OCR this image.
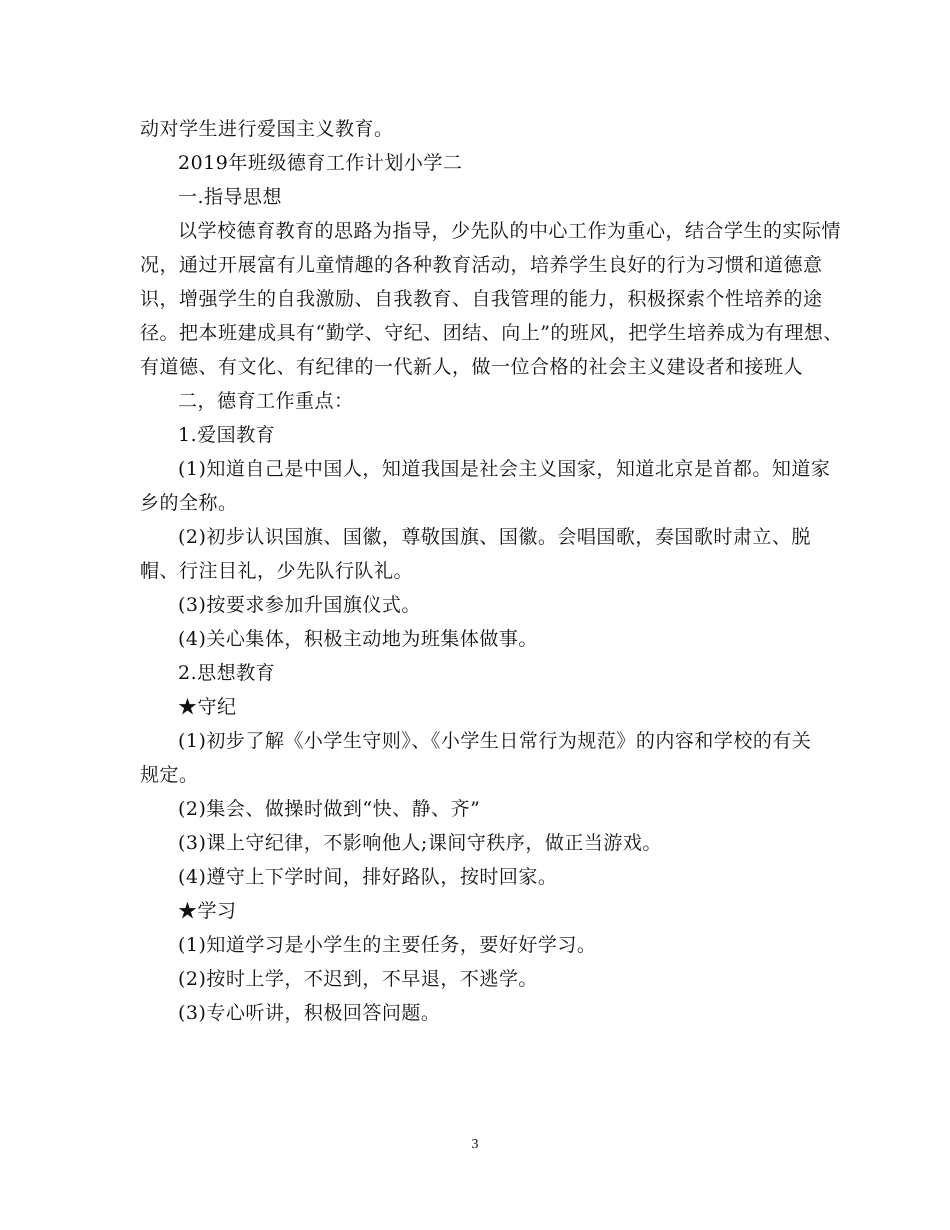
动对学生进行爱国主义教育。

2019年班级德育工作计划小学二

一.指导思想

以学校德育教育的思路为指导，少先队的中心工作为重心，结合学生的实际情

况，通过开展富有儿童情趣的各种教育活动，培养学生良好的行为习惯和道德意

识，增强学生的自我激励、自我教育、自我管理的能力，积极探索个性培养的途

径。把本班建成具有“勤学、守纪、团结、向上”的班风，把学生培养成为有理想、

有道德、有文化、有纪律的一代新人，做一位合格的社会主义建设者和接班人

二，德育工作重点：

1.爱国教育

(1)知道自己是中国人，知道我国是社会主义国家，知道北京是首都。知道家

乡的全称。

(2)初步认识国旗、国徽，尊敬国旗、国徽。会唱国歌，奏国歌时肃立、脱

帽、行注目礼，少先队行队礼。

(3)按要求参加升国旗仪式。

(4)关心集体，积极主动地为班集体做事。

2.思想教育

★守纪

(1)初步了解《小学生守则》、《小学生日常行为规范》的内容和学校的有关

规定。

(2)集会、做操时做到“快、静、齐”

(3)课上守纪律，不影响他人;课间守秩序，做正当游戏。

(4)遵守上下学时间，排好路队，按时回家。

★学习

(1)知道学习是小学生的主要任务，要好好学习。

(2)按时上学，不迟到，不早退，不逃学。

(3)专心听讲，积极回答问题。

3
